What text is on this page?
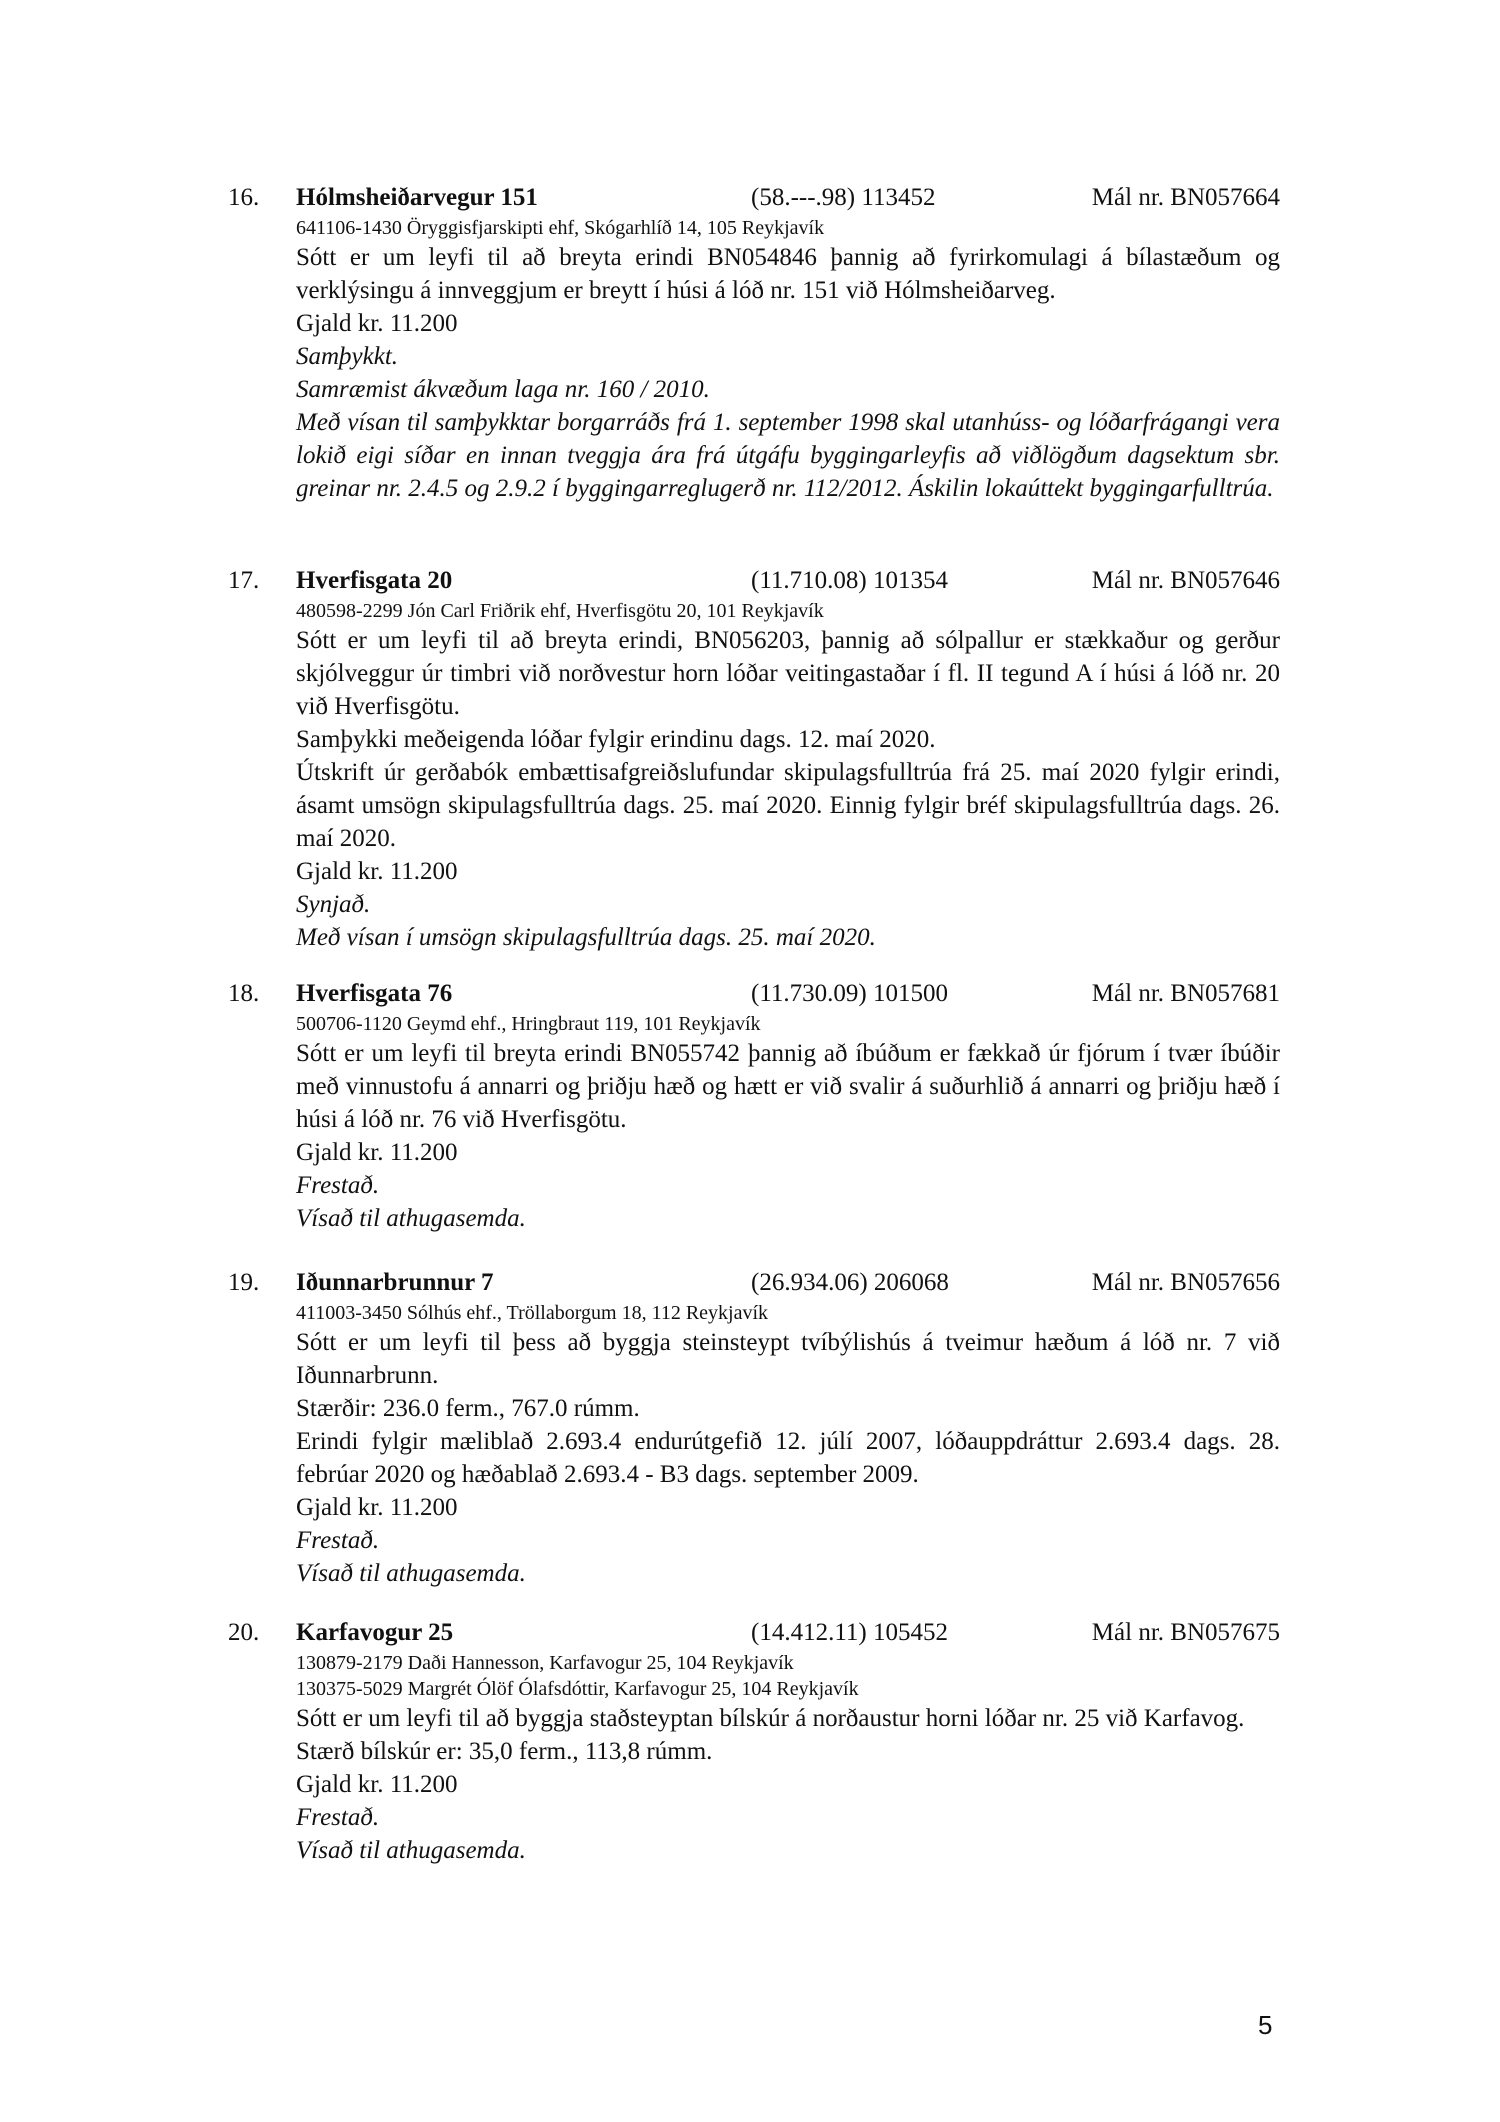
16. Hólmsheiðarvegur 151	(58.---.98) 113452	Mál nr. BN057664
641106-1430 Öryggisfjarskipti ehf, Skógarhlíð 14, 105 Reykjavík
Sótt er um leyfi til að breyta erindi BN054846 þannig að fyrirkomulagi á bílastæðum og verklýsingu á innveggjum er breytt í húsi á lóð nr. 151 við Hólmsheiðarveg.
Gjald kr. 11.200
Samþykkt.
Samræmist ákvæðum laga nr. 160 / 2010.
Með vísan til samþykktar borgarráðs frá 1. september 1998 skal utanhúss- og lóðarfrágangi vera lokið eigi síðar en innan tveggja ára frá útgáfu byggingarleyfis að viðlögðum dagsektum sbr. greinar nr. 2.4.5 og 2.9.2 í byggingarreglugerð nr. 112/2012. Áskilin lokaúttekt byggingarfulltrúa.
17. Hverfisgata 20	(11.710.08) 101354	Mál nr. BN057646
480598-2299 Jón Carl Friðrik ehf, Hverfisgötu 20, 101 Reykjavík
Sótt er um leyfi til að breyta erindi, BN056203, þannig að sólpallur er stækkaður og gerður skjólveggur úr timbri við norðvestur horn lóðar veitingastaðar í fl. II tegund A í húsi á lóð nr. 20 við Hverfisgötu.
Samþykki meðeigenda lóðar fylgir erindinu dags. 12. maí 2020.
Útskrift úr gerðabók embættisafgreiðslufundar skipulagsfulltrúa frá 25. maí 2020 fylgir erindi, ásamt umsögn skipulagsfulltrúa dags. 25. maí 2020. Einnig fylgir bréf skipulagsfulltrúa dags. 26. maí 2020.
Gjald kr. 11.200
Synjað.
Með vísan í umsögn skipulagsfulltrúa dags. 25. maí 2020.
18. Hverfisgata 76	(11.730.09) 101500	Mál nr. BN057681
500706-1120 Geymd ehf., Hringbraut 119, 101 Reykjavík
Sótt er um leyfi til breyta erindi BN055742 þannig að íbúðum er fækkað úr fjórum í tvær íbúðir með vinnustofu á annarri og þriðju hæð og hætt er við svalir á suðurhlið á annarri og þriðju hæð í húsi á lóð nr. 76 við Hverfisgötu.
Gjald kr. 11.200
Frestað.
Vísað til athugasemda.
19. Iðunnarbrunnur 7	(26.934.06) 206068	Mál nr. BN057656
411003-3450 Sólhús ehf., Tröllaborgum 18, 112 Reykjavík
Sótt er um leyfi til þess að byggja steinsteypt tvíbýlishús á tveimur hæðum á lóð nr. 7 við Iðunnarbrunn.
Stærðir: 236.0 ferm., 767.0 rúmm.
Erindi fylgir mæliblað 2.693.4 endurútgefið 12. júlí 2007, lóðauppdráttur 2.693.4 dags. 28. febrúar 2020 og hæðablað 2.693.4 - B3 dags. september 2009.
Gjald kr. 11.200
Frestað.
Vísað til athugasemda.
20. Karfavogur 25	(14.412.11) 105452	Mál nr. BN057675
130879-2179 Daði Hannesson, Karfavogur 25, 104 Reykjavík
130375-5029 Margrét Ólöf Ólafsdóttir, Karfavogur 25, 104 Reykjavík
Sótt er um leyfi til að byggja staðsteyptan bílskúr á norðaustur horni lóðar nr. 25 við Karfavog.
Stærð bílskúr er: 35,0 ferm., 113,8 rúmm.
Gjald kr. 11.200
Frestað.
Vísað til athugasemda.
5
